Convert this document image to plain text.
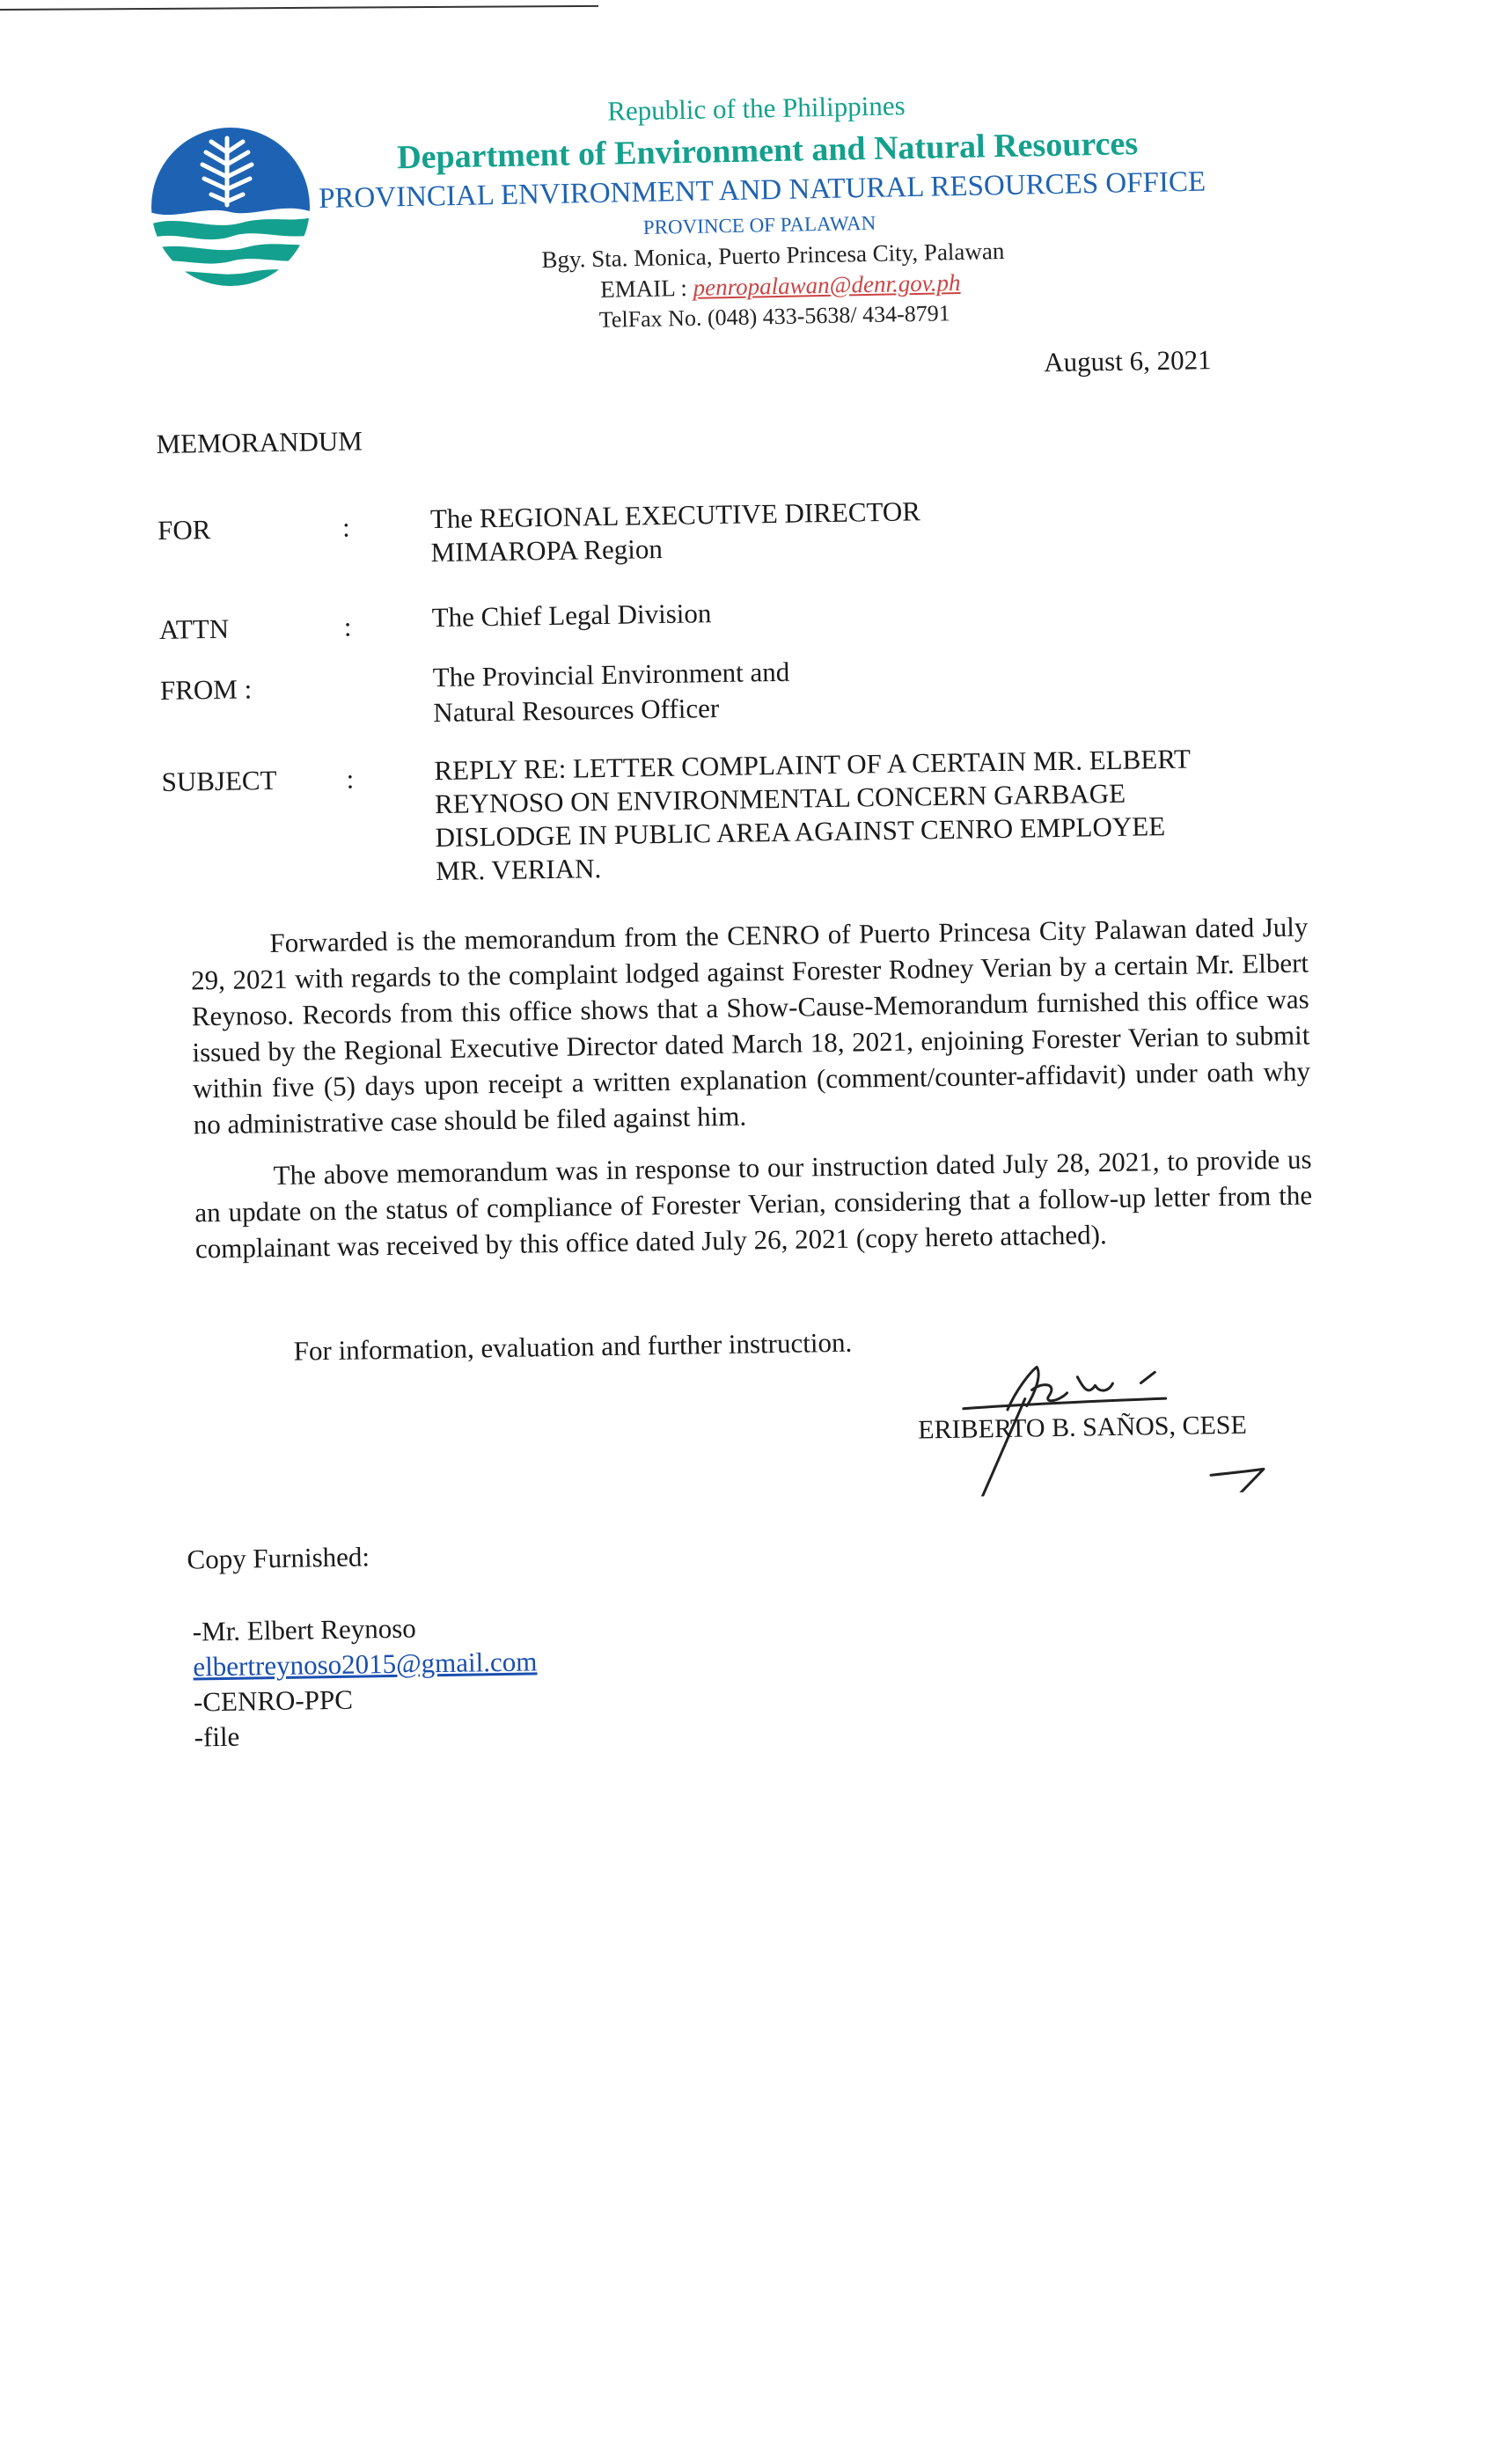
Republic of the Philippines
Department of Environment and Natural Resources
PROVINCIAL ENVIRONMENT AND NATURAL RESOURCES OFFICE
PROVINCE OF PALAWAN
Bgy. Sta. Monica, Puerto Princesa City, Palawan
EMAIL : penropalawan@denr.gov.ph
TelFax No. (048) 433-5638/ 434-8791
August 6, 2021
MEMORANDUM
FOR	:	The REGIONAL EXECUTIVE DIRECTOR
MIMAROPA Region
ATTN	:	The Chief Legal Division
FROM :	The Provincial Environment and
Natural Resources Officer
SUBJECT	:	REPLY RE: LETTER COMPLAINT OF A CERTAIN MR. ELBERT
REYNOSO ON ENVIRONMENTAL CONCERN GARBAGE
DISLODGE IN PUBLIC AREA AGAINST CENRO EMPLOYEE
MR. VERIAN.
Forwarded is the memorandum from the CENRO of Puerto Princesa City Palawan dated July 29, 2021 with regards to the complaint lodged against Forester Rodney Verian by a certain Mr. Elbert Reynoso. Records from this office shows that a Show-Cause-Memorandum furnished this office was issued by the Regional Executive Director dated March 18, 2021, enjoining Forester Verian to submit within five (5) days upon receipt a written explanation (comment/counter-affidavit) under oath why no administrative case should be filed against him.
The above memorandum was in response to our instruction dated July 28, 2021, to provide us an update on the status of compliance of Forester Verian, considering that a follow-up letter from the complainant was received by this office dated July 26, 2021 (copy hereto attached).
For information, evaluation and further instruction.
ERIBERTO B. SAÑOS, CESE
Copy Furnished:
-Mr. Elbert Reynoso
elbertreynoso2015@gmail.com
-CENRO-PPC
-file
